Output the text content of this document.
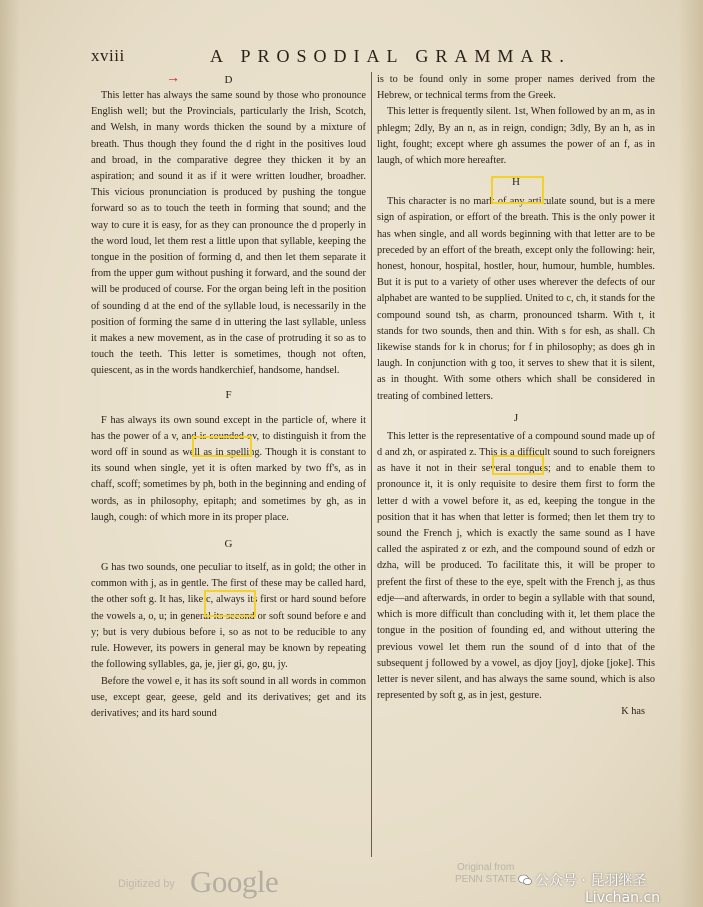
xviii	A PROSODIAL GRAMMAR.
→	D

This letter has always the same sound by those who pronounce English well; but the Provincials, particularly the Irish, Scotch, and Welsh, in many words thicken the sound by a mixture of breath. Thus though they found the d right in the positives loud and broad, in the comparative degree they thicken it by an aspiration; and sound it as if it were written loudher, broadher. This vicious pronunciation is produced by pushing the tongue forward so as to touch the teeth in forming that sound; and the way to cure it is easy, for as they can pronounce the d properly in the word loud, let them rest a little upon that syllable, keeping the tongue in the position of forming d, and then let them separate it from the upper gum without pushing it forward, and the sound der will be produced of course. For the organ being left in the position of sounding d at the end of the syllable loud, is necessarily in the position of forming the same d in uttering the last syllable, unless it makes a new movement, as in the case of protruding it so as to touch the teeth. This letter is sometimes, though not often, quiescent, as in the words handkerchief, handsome, handsel.

F

F has always its own sound except in the particle of, where it has the power of a v, and is sounded ov, to distinguish it from the word off in sound as well as in spelling. Though it is constant to its sound when single, yet it is often marked by two ff's, as in chaff, scoff; sometimes by ph, both in the beginning and ending of words, as in philosophy, epitaph; and sometimes by gh, as in laugh, cough: of which more in its proper place.

G

G has two sounds, one peculiar to itself, as in gold; the other in common with j, as in gentle. The first of these may be called hard, the other soft g. It has, like c, always its first or hard sound before the vowels a, o, u; in general its second or soft sound before e and y; but is very dubious before i, so as not to be reducible to any rule. However, its powers in general may be known by repeating the following syllables, ga, je, jier gi, go, gu, jy.

Before the vowel e, it has its soft sound in all words in common use, except gear, geese, geld and its derivatives; get and its derivatives; and its hard sound

is to be found only in some proper names derived from the Hebrew, or technical terms from the Greek.

This letter is frequently silent. 1st, When followed by an m, as in phlegm; 2dly, By an n, as in reign, condign; 3dly, By an h, as in light, fought; except where gh assumes the power of an f, as in laugh, of which more hereafter.

H

This character is no mark of any articulate sound, but is a mere sign of aspiration, or effort of the breath. This is the only power it has when single, and all words beginning with that letter are to be preceded by an effort of the breath, except only the following: heir, honest, honour, hospital, hostler, hour, humour, humble, humbles. But it is put to a variety of other uses wherever the defects of our alphabet are wanted to be supplied. United to c, ch, it stands for the compound sound tsh, as charm, pronounced tsharm. With t, it stands for two sounds, then and thin. With s for esh, as shall. Ch likewise stands for k in chorus; for f in philosophy; as does gh in laugh. In conjunction with g too, it serves to shew that it is silent, as in thought. With some others which shall be considered in treating of combined letters.

J

This letter is the representative of a compound sound made up of d and zh, or aspirated z. This is a difficult sound to such foreigners as have it not in their several tongues; and to enable them to pronounce it, it is only requisite to desire them first to form the letter d with a vowel before it, as ed, keeping the tongue in the position that it has when that letter is formed; then let them try to sound the French j, which is exactly the same sound as I have called the aspirated z or ezh, and the compound sound of edzh or dzha, will be produced. To facilitate this, it will be proper to prefent the first of these to the eye, spelt with the French j, as thus edje—and afterwards, in order to begin a syllable with that sound, which is more difficult than concluding with it, let them place the tongue in the position of founding ed, and without uttering the previous vowel let them run the sound of d into that of the subsequent j followed by a vowel, as djoy [joy], djoke [joke]. This letter is never silent, and has always the same sound, which is also represented by soft g, as in jest, gesture.

K has
Digitized by Google	Original from
PENN STATE	公众号 · 昆羽继圣
Livchan.cn
